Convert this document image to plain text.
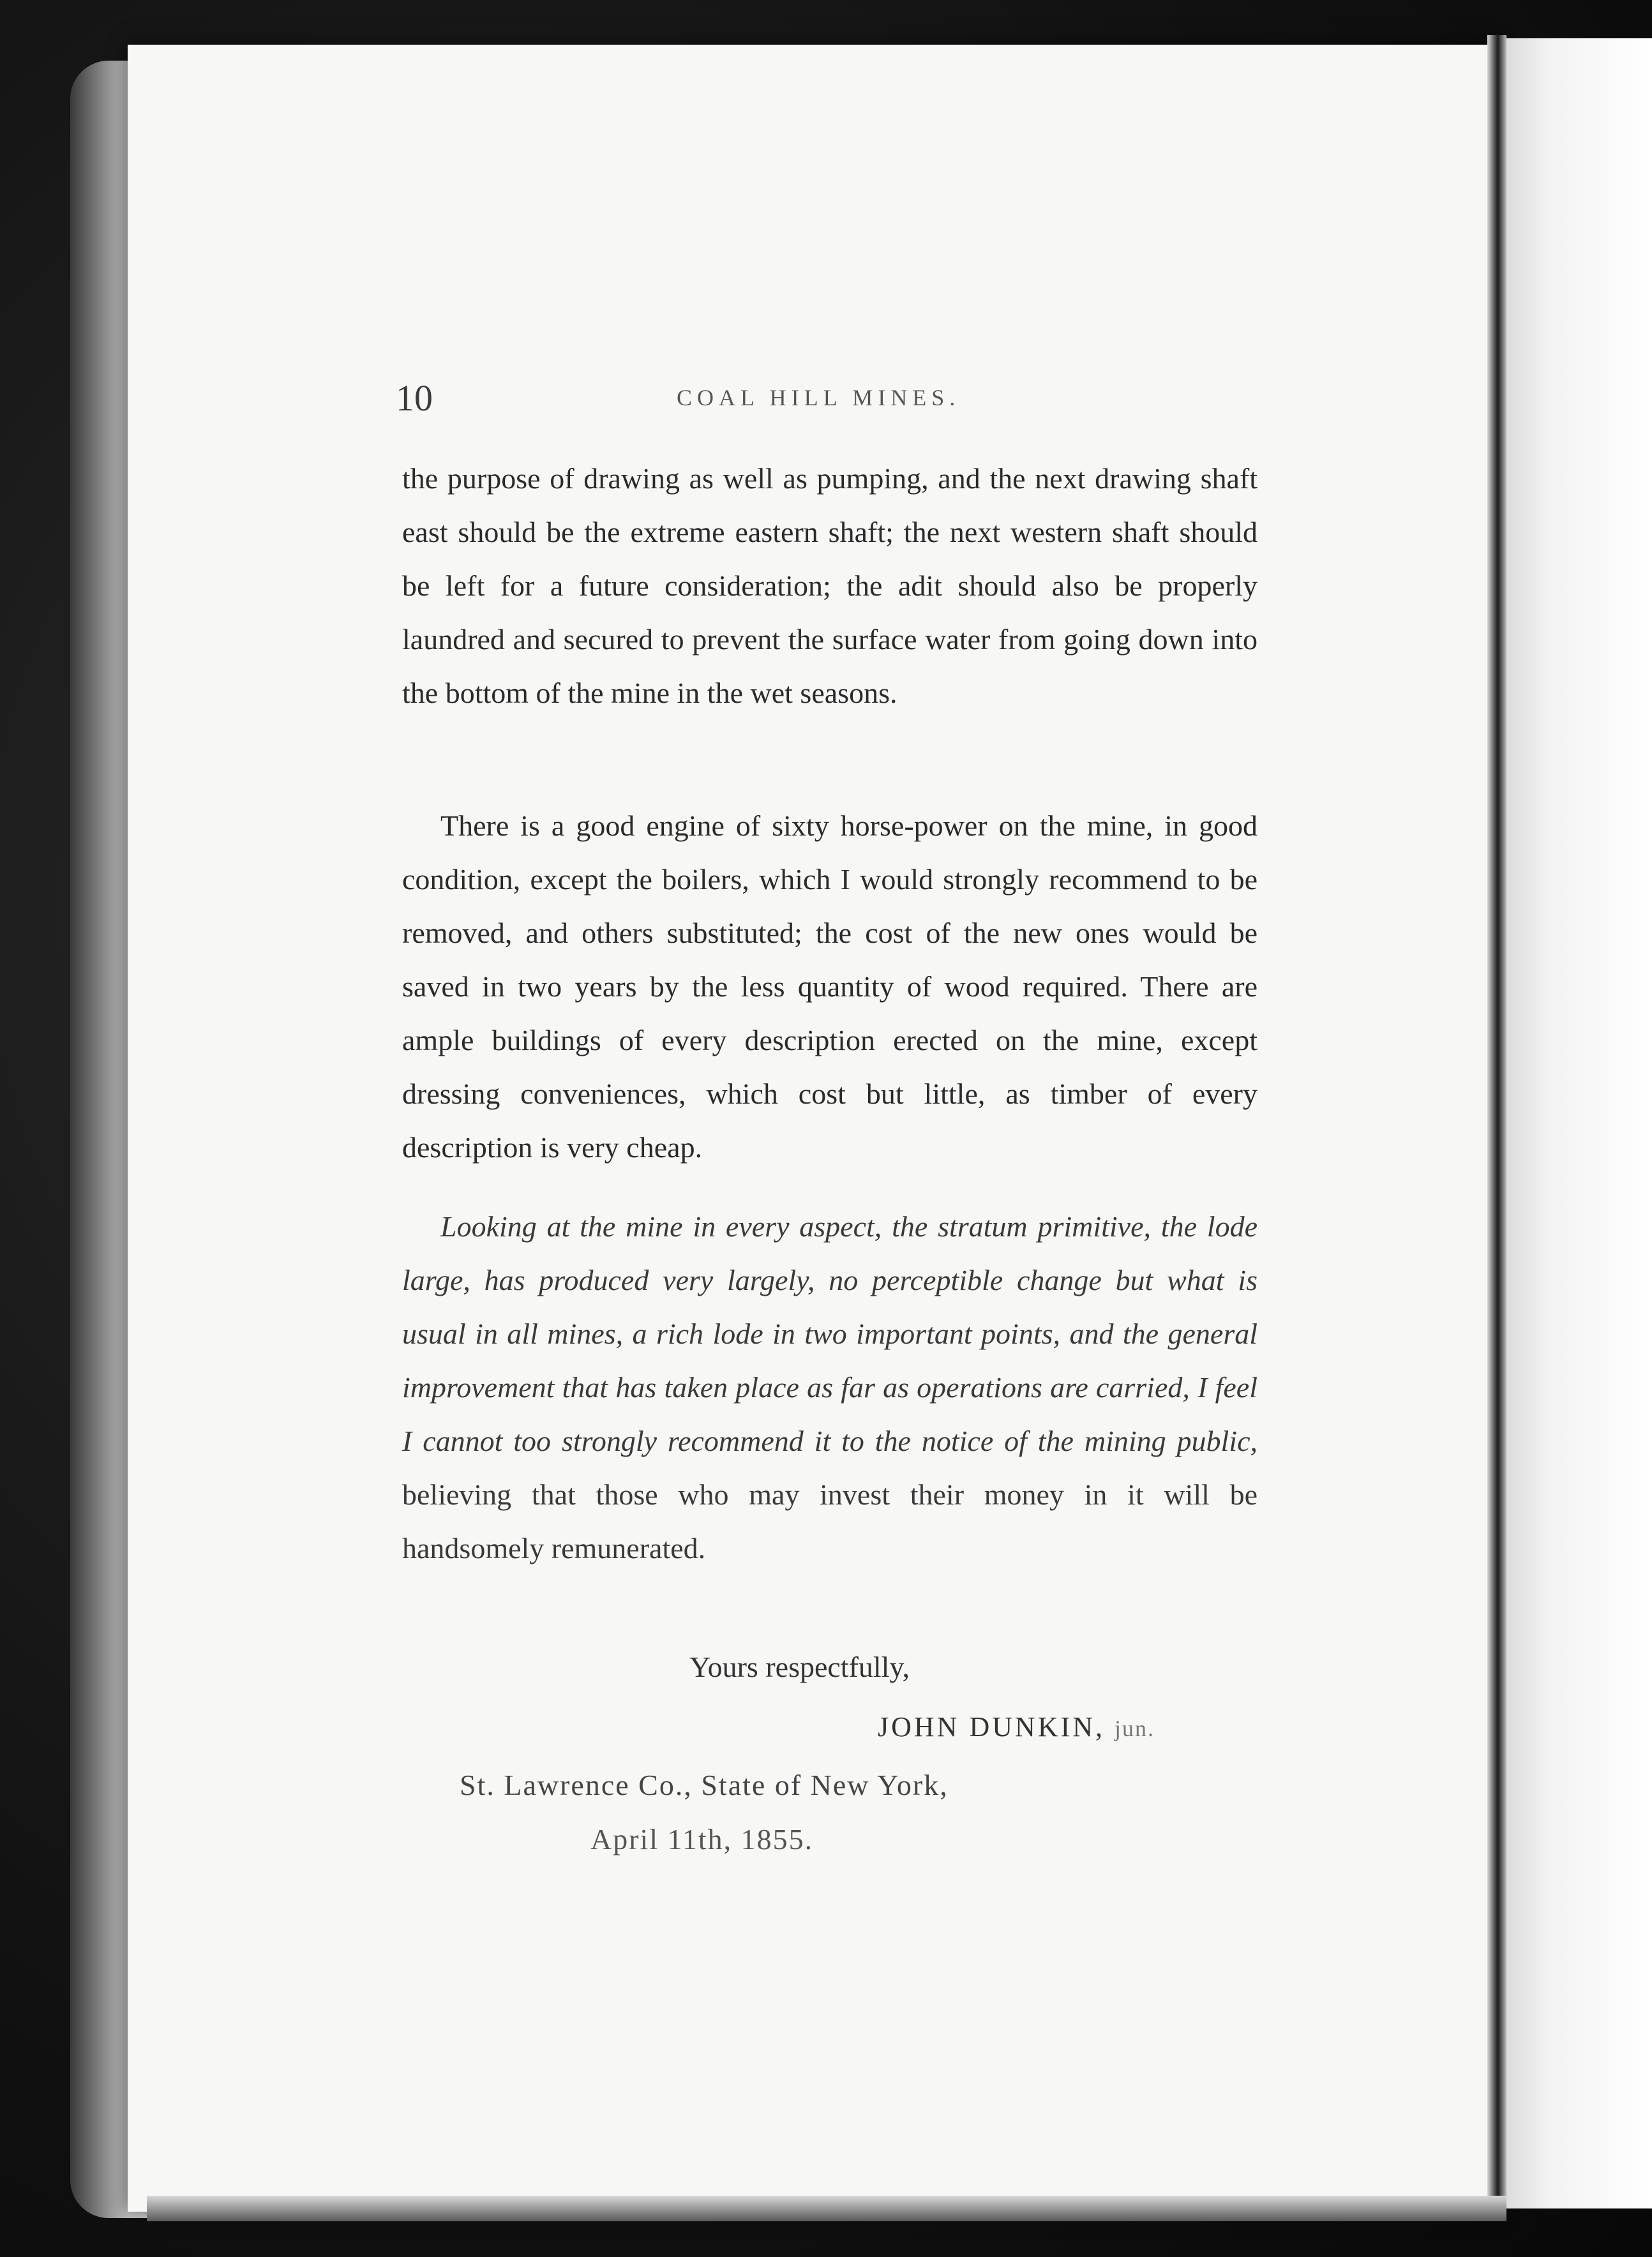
10	COAL HILL MINES.

the purpose of drawing as well as pumping, and the next drawing shaft east should be the extreme eastern shaft; the next western shaft should be left for a future consideration; the adit should also be properly laundred and secured to prevent the surface water from going down into the bottom of the mine in the wet seasons.

There is a good engine of sixty horse-power on the mine, in good condition, except the boilers, which I would strongly recommend to be removed, and others substituted; the cost of the new ones would be saved in two years by the less quantity of wood required. There are ample buildings of every description erected on the mine, except dressing conveniences, which cost but little, as timber of every description is very cheap.

Looking at the mine in every aspect, the stratum primitive, the lode large, has produced very largely, no perceptible change but what is usual in all mines, a rich lode in two important points, and the general improvement that has taken place as far as operations are carried, I feel I cannot too strongly recommend it to the notice of the mining public, believing that those who may invest their money in it will be handsomely remunerated.

Yours respectfully,
JOHN DUNKIN, jun.
St. Lawrence Co., State of New York,
April 11th, 1855.
